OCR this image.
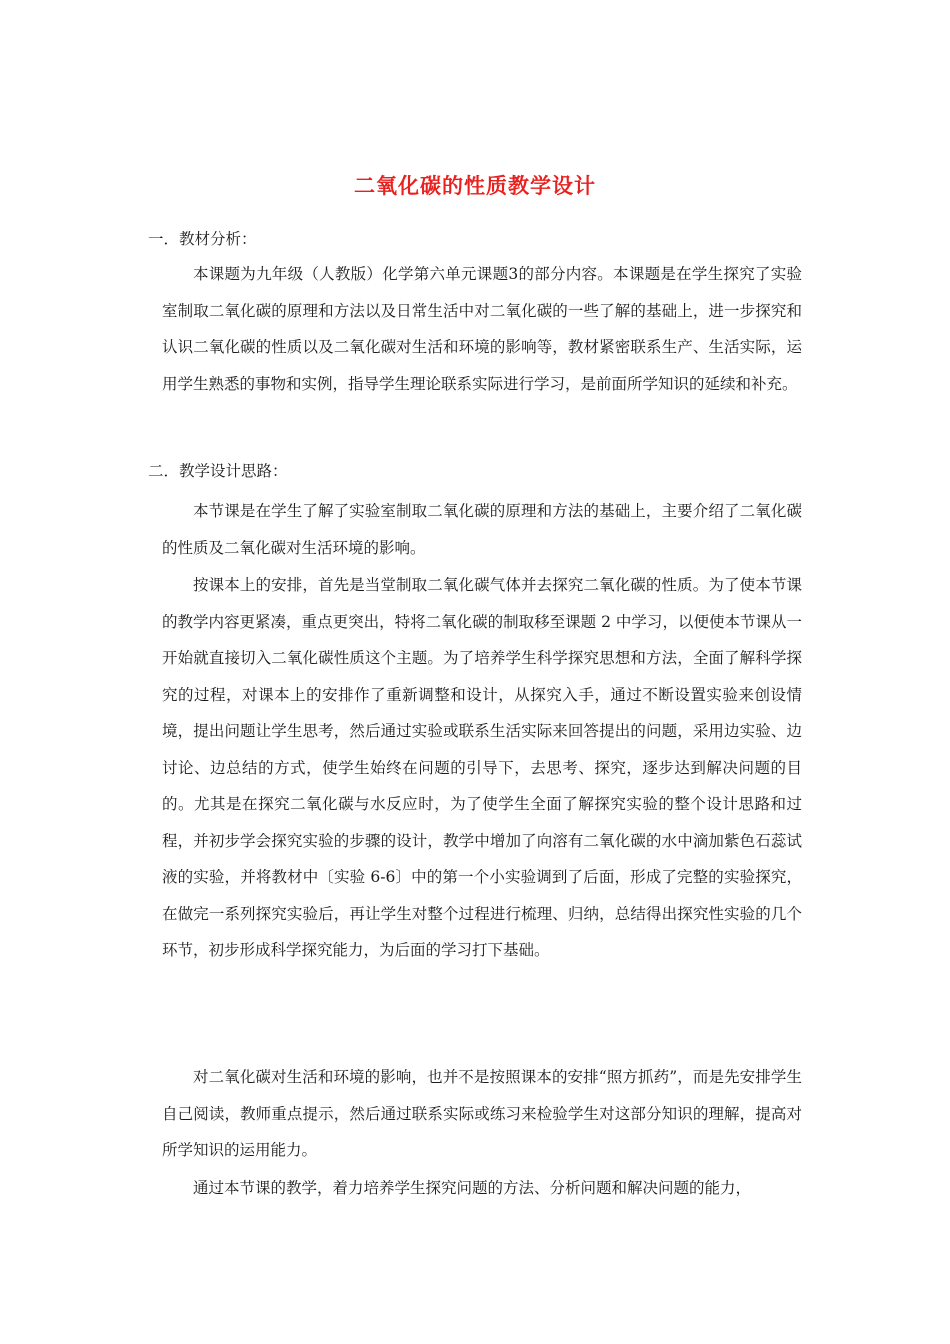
二氧化碳的性质教学设计
一．教材分析：
本课题为九年级（人教版）化学第六单元课题3的部分内容。本课题是在学生探究了实验室制取二氧化碳的原理和方法以及日常生活中对二氧化碳的一些了解的基础上，进一步探究和认识二氧化碳的性质以及二氧化碳对生活和环境的影响等，教材紧密联系生产、生活实际，运用学生熟悉的事物和实例，指导学生理论联系实际进行学习，是前面所学知识的延续和补充。
二．教学设计思路：
本节课是在学生了解了实验室制取二氧化碳的原理和方法的基础上，主要介绍了二氧化碳的性质及二氧化碳对生活环境的影响。
按课本上的安排，首先是当堂制取二氧化碳气体并去探究二氧化碳的性质。为了使本节课的教学内容更紧凑，重点更突出，特将二氧化碳的制取移至课题 2 中学习，以便使本节课从一 开始就直接切入二氧化碳性质这个主题。为了培养学生科学探究思想和方法，全面了解科学探究的过程，对课本上的安排作了重新调整和设计，从探究入手，通过不断设置实验来创设情境，提出问题让学生思考，然后通过实验或联系生活实际来回答提出的问题，采用边实验、边讨论、边总结的方式，使学生始终在问题的引导下，去思考、探究，逐步达到解决问题的目的。尤其是在探究二氧化碳与水反应时，为了使学生全面了解探究实验的整个设计思路和过程，并初步学会探究实验的步骤的设计，教学中增加了向溶有二氧化碳的水中滴加紫色石蕊试液的实验，并将教材中〔实验 6-6〕中的第一个小实验调到了后面，形成了完整的实验探究，在做完一系列探究实验后，再让学生对整个过程进行梳理、归纳，总结得出探究性实验的几个环节，初步形成科学探究能力，为后面的学习打下基础。
对二氧化碳对生活和环境的影响，也并不是按照课本的安排“照方抓药”，而是先安排学生自己阅读，教师重点提示，然后通过联系实际或练习来检验学生对这部分知识的理解，提高对所学知识的运用能力。
通过本节课的教学，着力培养学生探究问题的方法、分析问题和解决问题的能力，
